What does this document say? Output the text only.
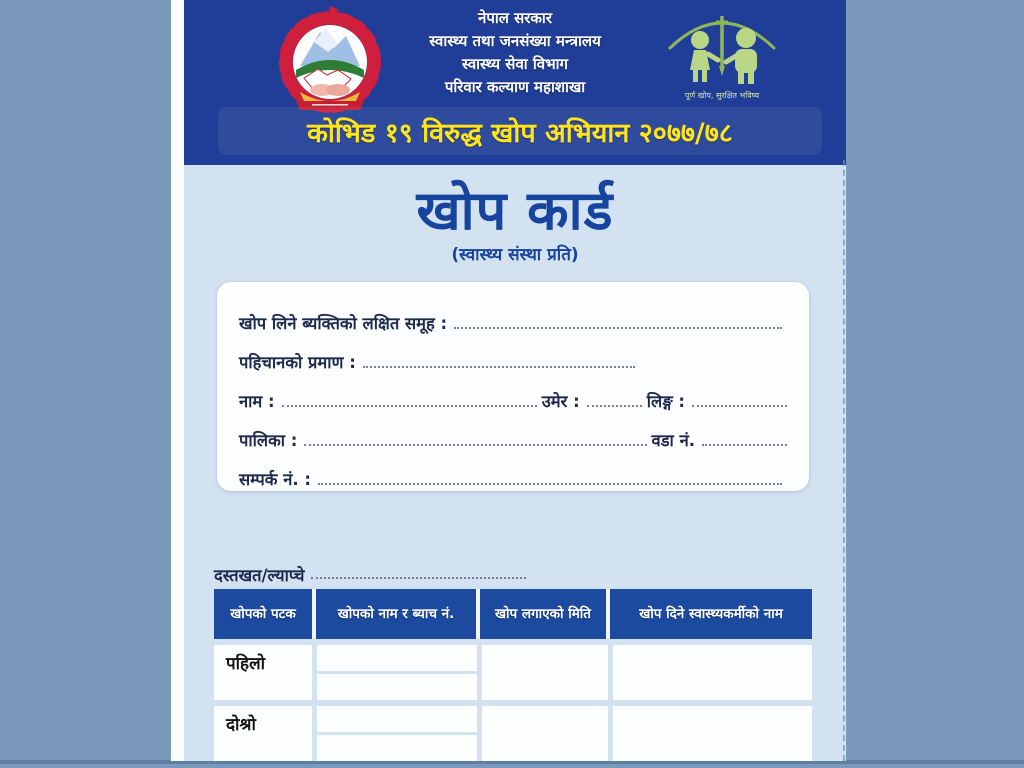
नेपाल सरकार
स्वास्थ्य तथा जनसंख्या मन्त्रालय
स्वास्थ्य सेवा विभाग
परिवार कल्याण महाशाखा	पूर्ण खोप, सुरक्षित भविष्य
कोभिड १९ विरुद्ध खोप अभियान २०७७/७८
खोप कार्ड
(स्वास्थ्य संस्था प्रति)
खोप लिने ब्यक्तिको लक्षित समूह :
पहिचानको प्रमाण :
नाम :	उमेर :	लिङ्ग :
पालिका :	वडा नं.
सम्पर्क नं. :
दस्तखत/ल्याप्चे
खोपको पटक	खोपको नाम र ब्याच नं.	खोप लगाएको मिति	खोप दिने स्वास्थ्यकर्मीको नाम
पहिलो
दोश्रो
